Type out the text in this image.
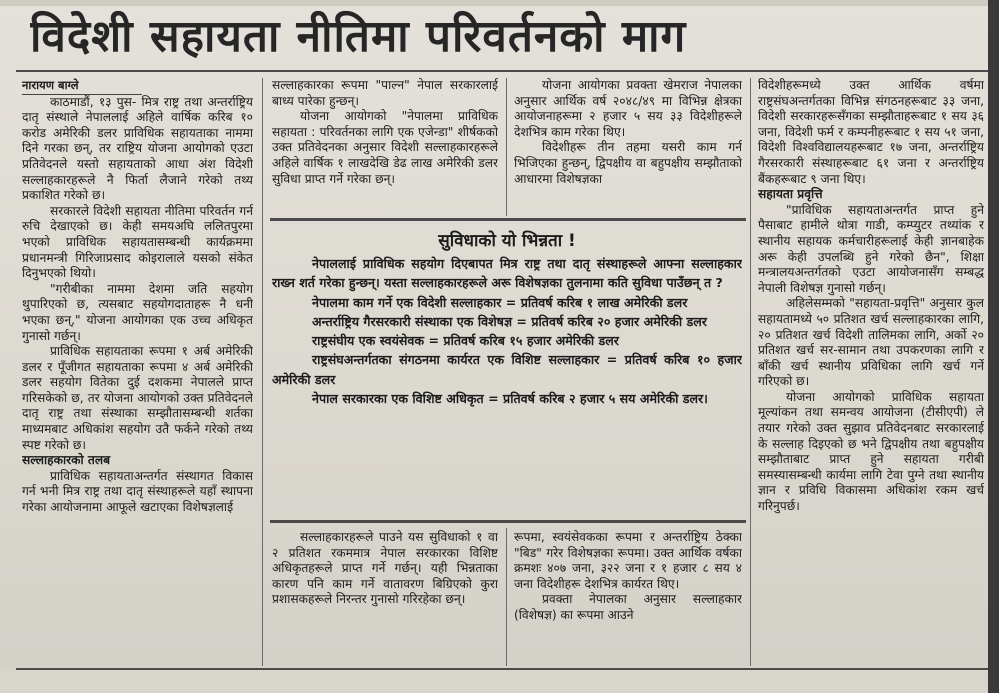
विदेशी सहायता नीतिमा परिवर्तनको माग
नारायण बाग्ले

काठमाडौं, १३ पुस- मित्र राष्ट्र तथा अन्तर्राष्ट्रिय दातृ संस्थाले नेपाललाई अहिले वार्षिक करिब १० करोड अमेरिकी डलर प्राविधिक सहायताका नाममा दिने गरका छन्, तर राष्ट्रिय योजना आयोगको एउटा प्रतिवेदनले यस्तो सहायताको आधा अंश विदेशी सल्लाहकारहरूले नै फिर्ता लैजाने गरेको तथ्य प्रकाशित गरेको छ।

सरकारले विदेशी सहायता नीतिमा परिवर्तन गर्न रुचि देखाएको छ। केही समयअघि ललितपुरमा भएको प्राविधिक सहायतासम्बन्धी कार्यक्रममा प्रधानमन्त्री गिरिजाप्रसाद कोइरालाले यसको संकेत दिनुभएको थियो।

"गरीबीका नाममा देशमा जति सहयोग थुपारिएको छ, त्यसबाट सहयोगदाताहरू नै धनी भएका छन्," योजना आयोगका एक उच्च अधिकृत गुनासो गर्छन्।

प्राविधिक सहायताका रूपमा १ अर्ब अमेरिकी डलर र पूँजीगत सहायताका रूपमा ४ अर्ब अमेरिकी डलर सहयोग वितेका दुई दशकमा नेपालले प्राप्त गरिसकेको छ, तर योजना आयोगको उक्त प्रतिवेदनले दातृ राष्ट्र तथा संस्थाका सम्झौतासम्बन्धी शर्तका माध्यमबाट अधिकांश सहयोग उतै फर्कने गरेको तथ्य स्पष्ट गरेको छ।

सल्लाहकारको तलब

प्राविधिक सहायताअन्तर्गत संस्थागत विकास गर्न भनी मित्र राष्ट्र तथा दातृ संस्थाहरूले यहाँ स्थापना गरेका आयोजनामा आफूले खटाएका विशेषज्ञलाई

सल्लाहकारका रूपमा "पाल्न" नेपाल सरकारलाई बाध्य पारेका हुन्छन्।

योजना आयोगको "नेपालमा प्राविधिक सहायता : परिवर्तनका लागि एक एजेन्डा" शीर्षकको उक्त प्रतिवेदनका अनुसार विदेशी सल्लाहकारहरूले अहिले वार्षिक १ लाखदेखि डेढ लाख अमेरिकी डलर सुविधा प्राप्त गर्ने गरेका छन्।

योजना आयोगका प्रवक्ता खेमराज नेपालका अनुसार आर्थिक वर्ष २०४८/४९ मा विभिन्न क्षेत्रका आयोजनाहरूमा २ हजार ५ सय ३३ विदेशीहरूले देशभित्र काम गरेका थिए।

विदेशीहरू तीन तहमा यसरी काम गर्न भिजिएका हुन्छन्, द्विपक्षीय वा बहुपक्षीय सम्झौताको आधारमा विशेषज्ञका

सुविधाको यो भिन्नता !

नेपाललाई प्राविधिक सहयोग दिएबापत मित्र राष्ट्र तथा दातृ संस्थाहरूले आफ्ना सल्लाहकार राख्न शर्त गरेका हुन्छन्। यस्ता सल्लाहकारहरूले अरू विशेषज्ञका तुलनामा कति सुविधा पाउँछन् त ?

नेपालमा काम गर्ने एक विदेशी सल्लाहकार = प्रतिवर्ष करिब १ लाख अमेरिकी डलर

अन्तर्राष्ट्रिय गैरसरकारी संस्थाका एक विशेषज्ञ = प्रतिवर्ष करिब २० हजार अमेरिकी डलर

राष्ट्रसंघीय एक स्वयंसेवक = प्रतिवर्ष करिब १५ हजार अमेरिकी डलर

राष्ट्रसंघअन्तर्गतका संगठनमा कार्यरत एक विशिष्ट सल्लाहकार = प्रतिवर्ष करिब १० हजार अमेरिकी डलर

नेपाल सरकारका एक विशिष्ट अधिकृत = प्रतिवर्ष करिब २ हजार ५ सय अमेरिकी डलर।

सल्लाहकारहरूले पाउने यस सुविधाको १ वा २ प्रतिशत रकममात्र नेपाल सरकारका विशिष्ट अधिकृतहरूले प्राप्त गर्ने गर्छन्। यही भिन्नताका कारण पनि काम गर्ने वातावरण बिग्रिएको कुरा प्रशासकहरूले निरन्तर गुनासो गरिरहेका छन्।

रूपमा, स्वयंसेवकका रूपमा र अन्तर्राष्ट्रिय ठेक्का "बिड" गरेर विशेषज्ञका रूपमा। उक्त आर्थिक वर्षका क्रमशः ४०७ जना, ३२२ जना र १ हजार ८ सय ४ जना विदेशीहरू देशभित्र कार्यरत थिए।

प्रवक्ता नेपालका अनुसार सल्लाहकार (विशेषज्ञ) का रूपमा आउने

विदेशीहरूमध्ये उक्त आर्थिक वर्षमा राष्ट्रसंघअन्तर्गतका विभिन्न संगठनहरूबाट ३३ जना, विदेशी सरकारहरूसँगका सम्झौताहरूबाट १ सय ३६ जना, विदेशी फर्म र कम्पनीहरूबाट १ सय ५१ जना, विदेशी विश्वविद्यालयहरूबाट १७ जना, अन्तर्राष्ट्रिय गैरसरकारी संस्थाहरूबाट ६१ जना र अन्तर्राष्ट्रिय बैंकहरूबाट ९ जना थिए।

सहायता प्रवृत्ति

"प्राविधिक सहायताअन्तर्गत प्राप्त हुने पैसाबाट हामीले थोत्रा गाडी, कम्प्युटर तथ्यांक र स्थानीय सहायक कर्मचारीहरूलाई केही ज्ञानबाहेक अरू केही उपलब्धि हुने गरेको छैन", शिक्षा मन्त्रालयअन्तर्गतको एउटा आयोजनासँग सम्बद्ध नेपाली विशेषज्ञ गुनासो गर्छन्।

अहिलेसम्मको "सहायता-प्रवृत्ति" अनुसार कुल सहायतामध्ये ५० प्रतिशत खर्च सल्लाहकारका लागि, २० प्रतिशत खर्च विदेशी तालिमका लागि, अर्को २० प्रतिशत खर्च सर-सामान तथा उपकरणका लागि र बाँकी खर्च स्थानीय प्रविधिका लागि खर्च गर्ने गरिएको छ।

योजना आयोगको प्राविधिक सहायता मूल्यांकन तथा समन्वय आयोजना (टीसीएपी) ले तयार गरेको उक्त सुझाव प्रतिवेदनबाट सरकारलाई के सल्लाह दिइएको छ भने द्विपक्षीय तथा बहुपक्षीय सम्झौताबाट प्राप्त हुने सहायता गरीबी समस्यासम्बन्धी कार्यमा लागि टेवा पुग्ने तथा स्थानीय ज्ञान र प्रविधि विकासमा अधिकांश रकम खर्च गरिनुपर्छ।
